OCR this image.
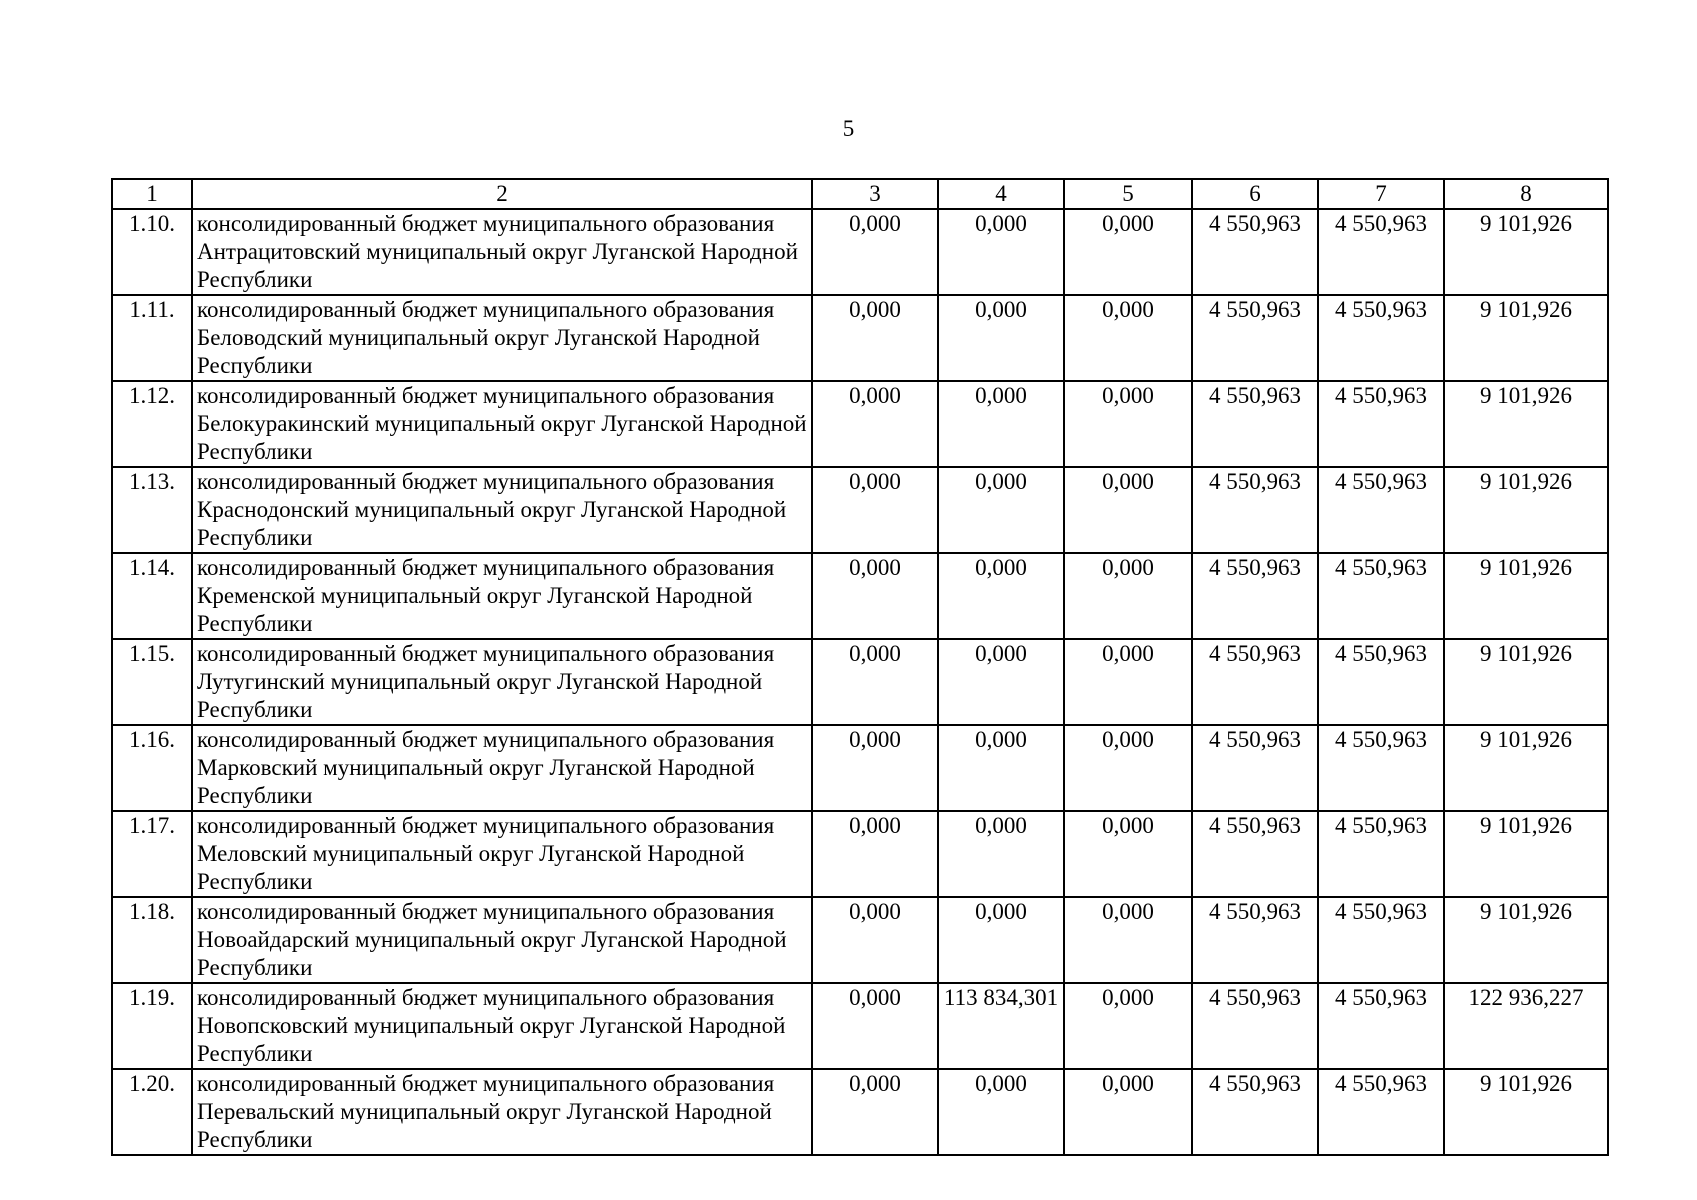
5
1	2	3	4	5	6	7	8
1.10.	консолидированный бюджет муниципального образования Антрацитовский муниципальный округ Луганской Народной Республики	0,000	0,000	0,000	4 550,963	4 550,963	9 101,926
1.11.	консолидированный бюджет муниципального образования Беловодский муниципальный округ Луганской Народной Республики	0,000	0,000	0,000	4 550,963	4 550,963	9 101,926
1.12.	консолидированный бюджет муниципального образования Белокуракинский муниципальный округ Луганской Народной Республики	0,000	0,000	0,000	4 550,963	4 550,963	9 101,926
1.13.	консолидированный бюджет муниципального образования Краснодонский муниципальный округ Луганской Народной Республики	0,000	0,000	0,000	4 550,963	4 550,963	9 101,926
1.14.	консолидированный бюджет муниципального образования Кременской муниципальный округ Луганской Народной Республики	0,000	0,000	0,000	4 550,963	4 550,963	9 101,926
1.15.	консолидированный бюджет муниципального образования Лутугинский муниципальный округ Луганской Народной Республики	0,000	0,000	0,000	4 550,963	4 550,963	9 101,926
1.16.	консолидированный бюджет муниципального образования Марковский муниципальный округ Луганской Народной Республики	0,000	0,000	0,000	4 550,963	4 550,963	9 101,926
1.17.	консолидированный бюджет муниципального образования Меловский муниципальный округ Луганской Народной Республики	0,000	0,000	0,000	4 550,963	4 550,963	9 101,926
1.18.	консолидированный бюджет муниципального образования Новоайдарский муниципальный округ Луганской Народной Республики	0,000	0,000	0,000	4 550,963	4 550,963	9 101,926
1.19.	консолидированный бюджет муниципального образования Новопсковский муниципальный округ Луганской Народной Республики	0,000	113 834,301	0,000	4 550,963	4 550,963	122 936,227
1.20.	консолидированный бюджет муниципального образования Перевальский муниципальный округ Луганской Народной Республики	0,000	0,000	0,000	4 550,963	4 550,963	9 101,926
